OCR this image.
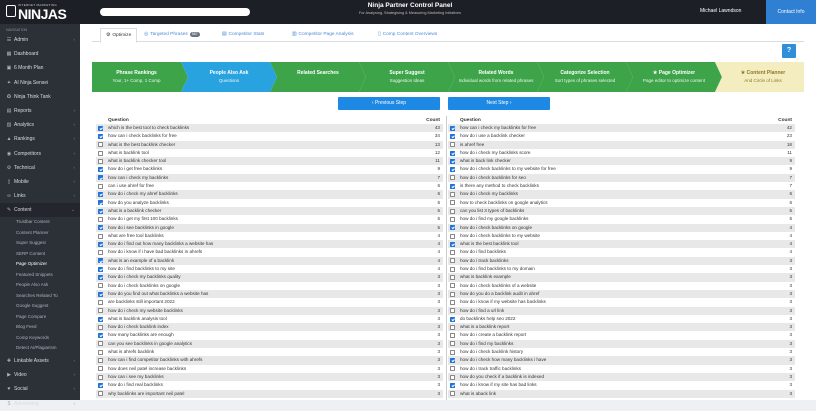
INTERNET MARKETING
NINJAS
Ninja Partner Control Panel
For Analysing, Strategising & Measuring Marketing Initiatives	Michael Lawndson	Contact Info
NAVIGATION
☰ Admin	‹
▦ Dashboard
▣ 6 Month Plan
✦ AI Ninja Sensei
✪ Ninja Think Tank
▤ Reports	‹
▥ Analytics	‹
▲ Rankings	‹
◉ Competitors	‹
⚙ Technical	‹
▯ Mobile	‹
∞ Links	‹
✎ Content	⌄
Trustbar Content
Content Planner
Super Suggest
SERP Content
Page Optimizer
Featured Snippets
People Also Ask
Searches Related To
Google Suggest
Page Compare
Blog Feed
Comp Keywords
Detect AI/Plagiarism
✚ Linkable Assets	‹
▶ Video	‹
♥ Social	‹
$ Advertising	‹
⚙ Optimize	◎ Targeted Phrases 587	▤ Competitor Stats	▥ Competitor Page Analysis	▯ Comp Content Overviews
?
Phrase Rankings
Your, 1+ Comp, 1 Comp
People Also Ask
Questions
Related Searches	Super Suggest
Suggestion Ideas
Related Words
Individual words from related phrases
Categorize Selection
Sort types of phrases selected
★ Page Optimizer
Page editor to optimize content
★ Content Planner
And Circle of Links
‹ Previous Step	Next Step ›
Question	Count
which is the best tool to check backlinks	43
how can i check backlinks for free	34
what is the best backlink checker	13
what is backlink tool	12
what is backlink checker tool	11
how do i get free backlinks	9
how can i check my backlinks	7
can i use ahref for free	6
how do i check my ahref backlinks	6
how do you analyze backlinks	5
what is a backlink checker	5
how do i get my first 100 backlinks	5
how do i see backlinks in google	5
what are free tool backlinks	4
how do i find out how many backlinks a website has	4
how do i know if i have bad backlinks in ahrefs	4
what is an example of a backlink	4
how do i find backlinks to my site	4
how do i check my backlinks quality	3
how do i check backlinks on google	3
how do you find out what backlinks a website has	3
are backlinks still important 2022	3
how do i check my website backlinks	3
what is backlink analysis tool	3
how do i check backlink index	3
how many backlinks are enough	3
can you see backlinks in google analytics	3
what is ahrefs backlink	3
how can i find competitor backlinks with ahrefs	3
how does neil patel increase backlinks	3
how can i see my backlinks	3
how do i find real backlinks	3
why backlinks are important neil patel	3
Question	Count
how can i check my backlinks for free	42
how do i use a backlink checker	23
is ahref free	18
how do i check my backlinks score	11
what is back link checker	9
how do i check backlinks to my website for free	9
how do i check backlinks for seo	7
is there any method to check backlinks	7
how do i check my backlinks	6
how to check backlinks on google analytics	6
can you list 3 types of backlinks	5
how do i find my google backlinks	5
how do i check backlinks on google	4
how do i check backlinks to my website	4
what is the best backlink tool	4
how do i find backlinks	4
how do i track backlinks	3
how do i find backlinks to my domain	3
what is backlink example	3
how do i check backlinks of a website	3
how do you do a backlink audit in ahref	3
how do i know if my website has backlinks	3
how do i find a url link	3
do backlinks help seo 2022	3
what is a backlink report	3
how do i create a backlink report	3
how do i find my backlinks	3
how do i check backlink history	3
how do i check how many backlinks i have	3
how do i track traffic backlinks	3
how do you check if a backlink is indexed	3
how do i know if my site has bad links	3
what is aback link	3
